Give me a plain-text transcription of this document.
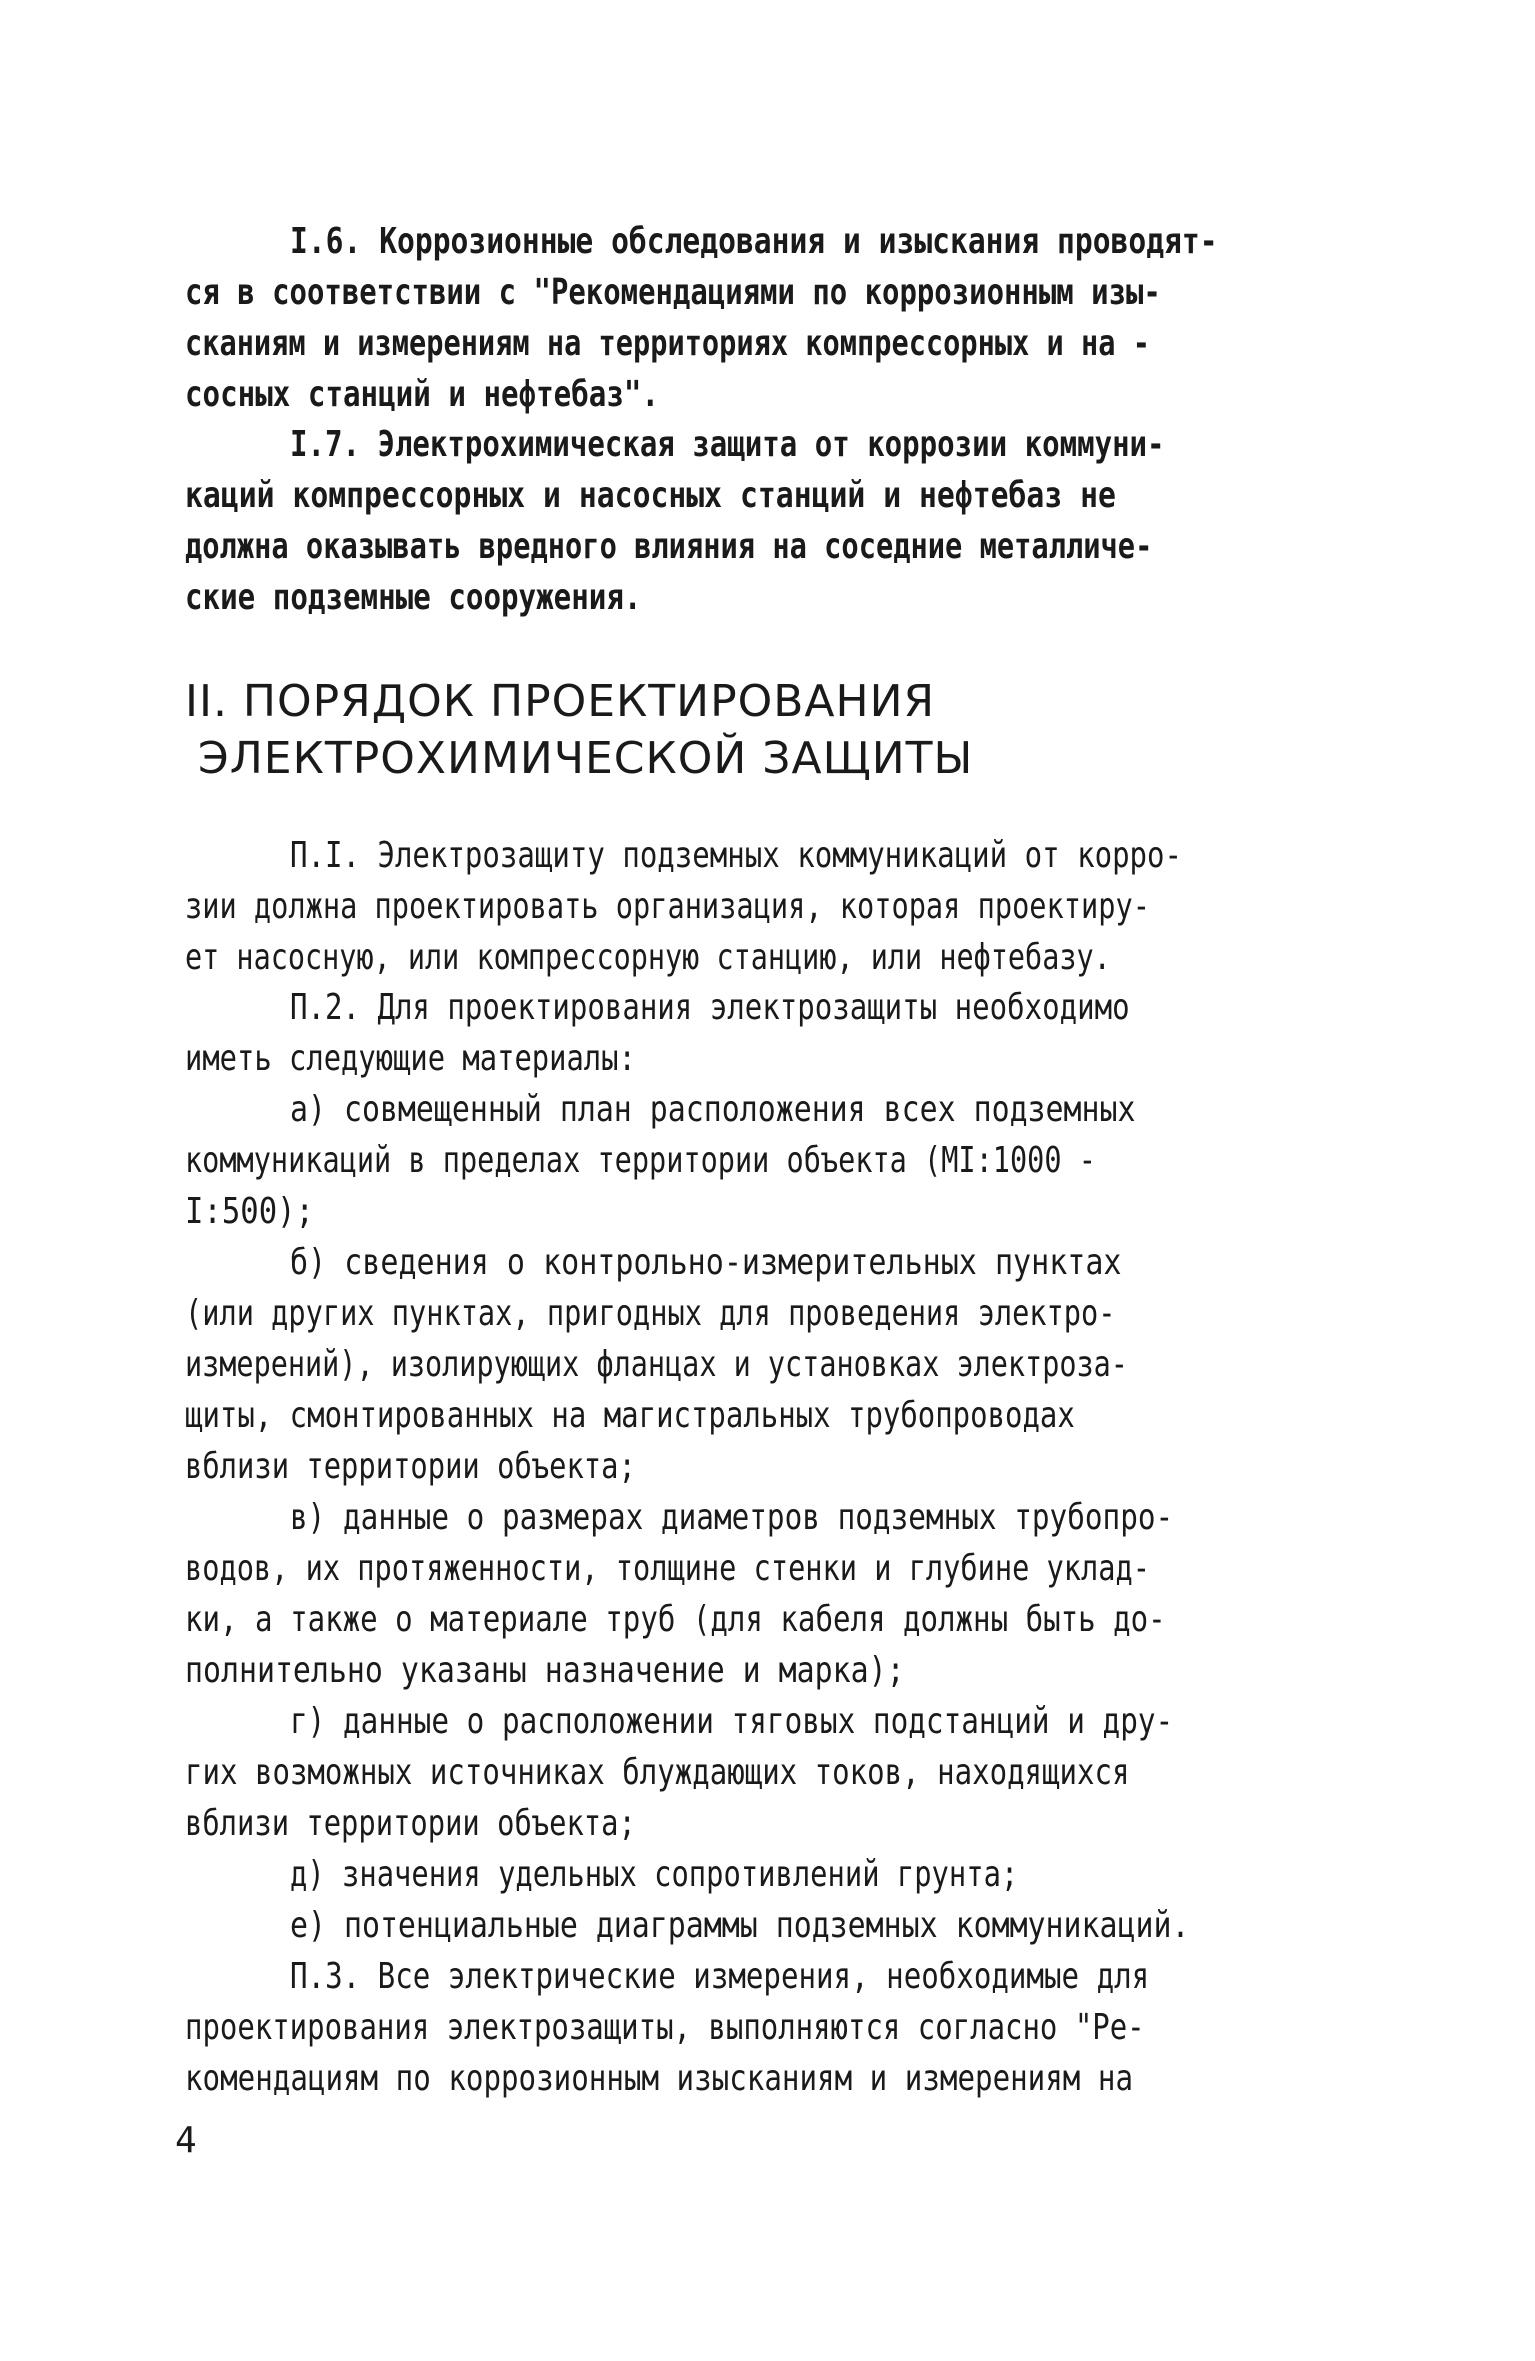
I.6. Коррозионные обследования и изыскания проводят-
ся в соответствии с "Рекомендациями по коррозионным изы-
сканиям и измерениям на территориях компрессорных и на -
сосных станций и нефтебаз".
I.7. Электрохимическая защита от коррозии коммуни-
каций компрессорных и насосных станций и нефтебаз не
должна оказывать вредного влияния на соседние металличе-
ские подземные сооружения.
II. ПОРЯДОК ПРОЕКТИРОВАНИЯ
ЭЛЕКТРОХИМИЧЕСКОЙ ЗАЩИТЫ
П.I. Электрозащиту подземных коммуникаций от корро-
зии должна проектировать организация, которая проектиру-
ет насосную, или компрессорную станцию, или нефтебазу.
П.2. Для проектирования электрозащиты необходимо
иметь следующие материалы:
а) совмещенный план расположения всех подземных
коммуникаций в пределах территории объекта (МI:1000 -
I:500);
б) сведения о контрольно-измерительных пунктах
(или других пунктах, пригодных для проведения электро-
измерений), изолирующих фланцах и установках электроза-
щиты, смонтированных на магистральных трубопроводах
вблизи территории объекта;
в) данные о размерах диаметров подземных трубопро-
водов, их протяженности, толщине стенки и глубине уклад-
ки, а также о материале труб (для кабеля должны быть до-
полнительно указаны назначение и марка);
г) данные о расположении тяговых подстанций и дру-
гих возможных источниках блуждающих токов, находящихся
вблизи территории объекта;
д) значения удельных сопротивлений грунта;
е) потенциальные диаграммы подземных коммуникаций.
П.3. Все электрические измерения, необходимые для
проектирования электрозащиты, выполняются согласно "Ре-
комендациям по коррозионным изысканиям и измерениям на
4
